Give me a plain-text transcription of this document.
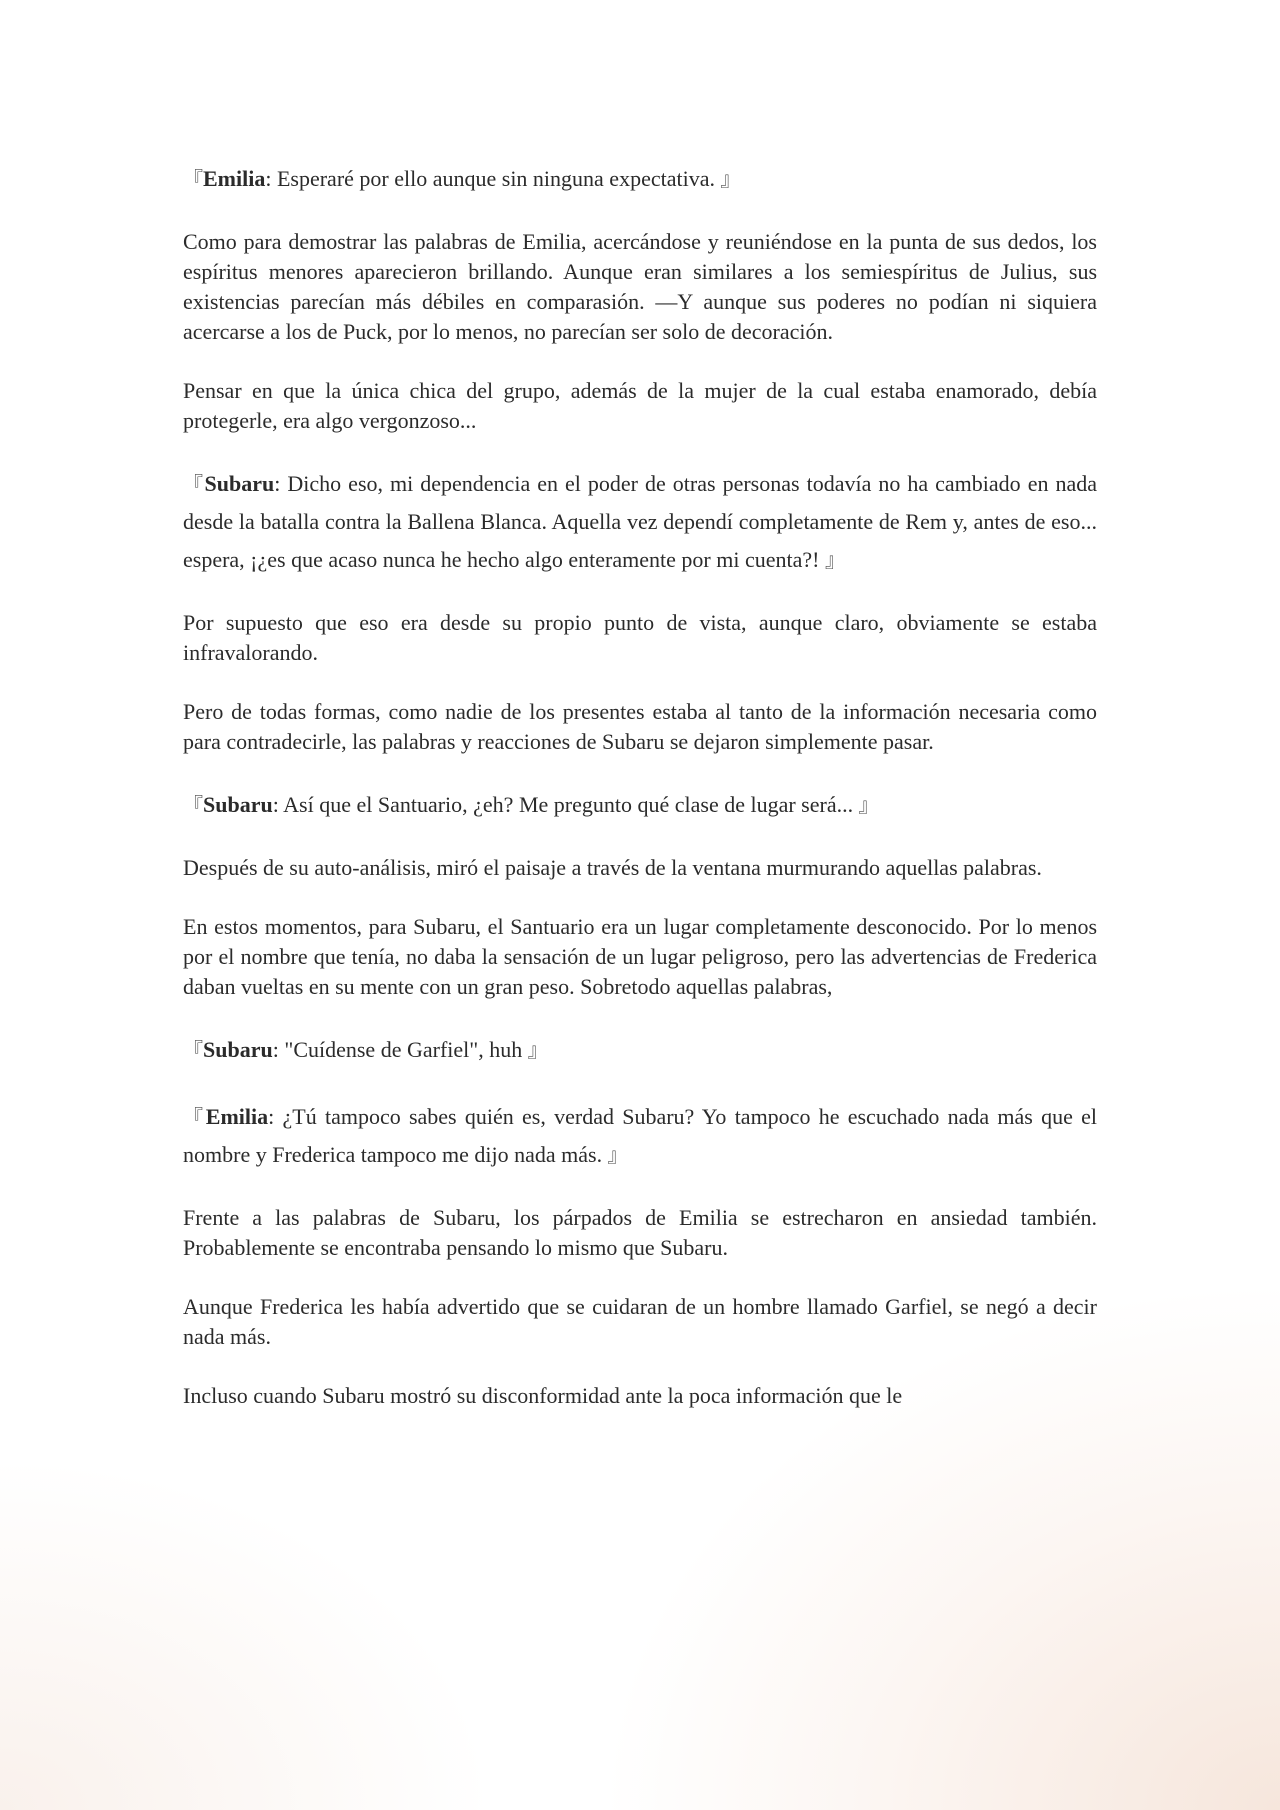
『Emilia: Esperaré por ello aunque sin ninguna expectativa. 』

Como para demostrar las palabras de Emilia, acercándose y reuniéndose en la punta de sus dedos, los espíritus menores aparecieron brillando. Aunque eran similares a los semiespíritus de Julius, sus existencias parecían más débiles en comparasión. —Y aunque sus poderes no podían ni siquiera acercarse a los de Puck, por lo menos, no parecían ser solo de decoración.

Pensar en que la única chica del grupo, además de la mujer de la cual estaba enamorado, debía protegerle, era algo vergonzoso...

『Subaru: Dicho eso, mi dependencia en el poder de otras personas todavía no ha cambiado en nada desde la batalla contra la Ballena Blanca. Aquella vez dependí completamente de Rem y, antes de eso... espera, ¡¿es que acaso nunca he hecho algo enteramente por mi cuenta?! 』

Por supuesto que eso era desde su propio punto de vista, aunque claro, obviamente se estaba infravalorando.

Pero de todas formas, como nadie de los presentes estaba al tanto de la información necesaria como para contradecirle, las palabras y reacciones de Subaru se dejaron simplemente pasar.

『Subaru: Así que el Santuario, ¿eh? Me pregunto qué clase de lugar será... 』

Después de su auto-análisis, miró el paisaje a través de la ventana murmurando aquellas palabras.

En estos momentos, para Subaru, el Santuario era un lugar completamente desconocido. Por lo menos por el nombre que tenía, no daba la sensación de un lugar peligroso, pero las advertencias de Frederica daban vueltas en su mente con un gran peso. Sobretodo aquellas palabras,

『Subaru: "Cuídense de Garfiel", huh 』

『Emilia: ¿Tú tampoco sabes quién es, verdad Subaru? Yo tampoco he escuchado nada más que el nombre y Frederica tampoco me dijo nada más. 』

Frente a las palabras de Subaru, los párpados de Emilia se estrecharon en ansiedad también. Probablemente se encontraba pensando lo mismo que Subaru.

Aunque Frederica les había advertido que se cuidaran de un hombre llamado Garfiel, se negó a decir nada más.

Incluso cuando Subaru mostró su disconformidad ante la poca información que le
